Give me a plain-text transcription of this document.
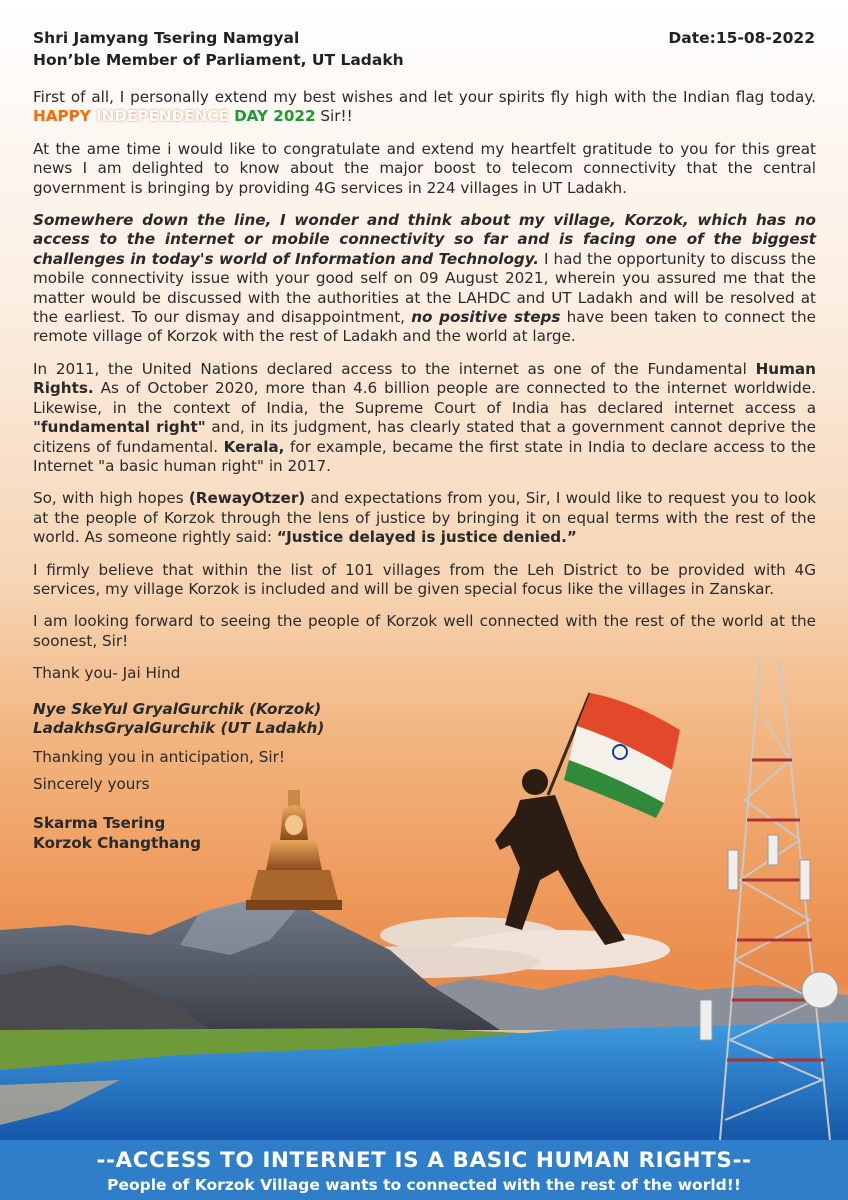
Shri Jamyang Tsering Namgyal
Hon’ble Member of Parliament, UT Ladakh
Date:15-08-2022

First of all, I personally extend my best wishes and let your spirits fly high with the Indian flag today. HAPPY INDEPENDENCE DAY 2022 Sir!!

At the ame time i would like to congratulate and extend my heartfelt gratitude to you for this great news I am delighted to know about the major boost to telecom connectivity that the central government is bringing by providing 4G services in 224 villages in UT Ladakh.

Somewhere down the line, I wonder and think about my village, Korzok, which has no access to the internet or mobile connectivity so far and is facing one of the biggest challenges in today's world of Information and Technology. I had the opportunity to discuss the mobile connectivity issue with your good self on 09 August 2021, wherein you assured me that the matter would be discussed with the authorities at the LAHDC and UT Ladakh and will be resolved at the earliest. To our dismay and disappointment, no positive steps have been taken to connect the remote village of Korzok with the rest of Ladakh and the world at large.

In 2011, the United Nations declared access to the internet as one of the Fundamental Human Rights. As of October 2020, more than 4.6 billion people are connected to the internet worldwide. Likewise, in the context of India, the Supreme Court of India has declared internet access a "fundamental right" and, in its judgment, has clearly stated that a government cannot deprive the citizens of fundamental. Kerala, for example, became the first state in India to declare access to the Internet "a basic human right" in 2017.

So, with high hopes (RewayOtzer) and expectations from you, Sir, I would like to request you to look at the people of Korzok through the lens of justice by bringing it on equal terms with the rest of the world. As someone rightly said: “Justice delayed is justice denied.”

I firmly believe that within the list of 101 villages from the Leh District to be provided with 4G services, my village Korzok is included and will be given special focus like the villages in Zanskar.

I am looking forward to seeing the people of Korzok well connected with the rest of the world at the soonest, Sir!

Thank you- Jai Hind

Nye SkeYul GryalGurchik (Korzok)
LadakhsGryalGurchik (UT Ladakh)

Thanking you in anticipation, Sir!

Sincerely yours

Skarma Tsering
Korzok Changthang

--ACCESS TO INTERNET IS A BASIC HUMAN RIGHTS--
People of Korzok Village wants to connected with the rest of the world!!
